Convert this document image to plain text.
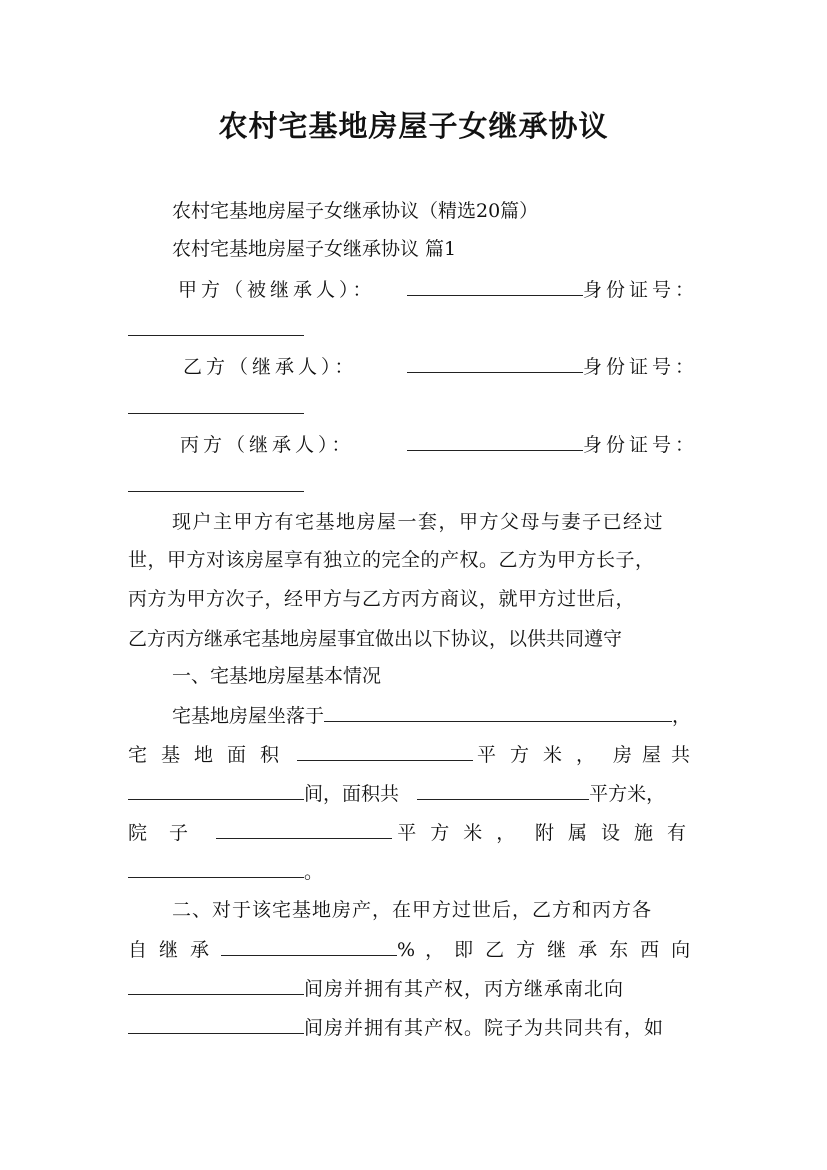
农村宅基地房屋子女继承协议
农村宅基地房屋子女继承协议（精选20篇）
农村宅基地房屋子女继承协议 篇1
甲方（被继承人）：	身份证号：
乙方（继承人）：	身份证号：
丙方（继承人）：	身份证号：
现户主甲方有宅基地房屋一套，甲方父母与妻子已经过
世，甲方对该房屋享有独立的完全的产权。乙方为甲方长子，
丙方为甲方次子，经甲方与乙方丙方商议，就甲方过世后，
乙方丙方继承宅基地房屋事宜做出以下协议，以供共同遵守
一、宅基地房屋基本情况
宅基地房屋坐落于	，
宅基地面积	平方米， 房屋共
间，面积共	平方米，
院子	平方米， 附属设施有
。
二、对于该宅基地房产，在甲方过世后，乙方和丙方各
自继承	%， 即乙方继承东西向
间房并拥有其产权，丙方继承南北向
间房并拥有其产权。院子为共同共有，如
